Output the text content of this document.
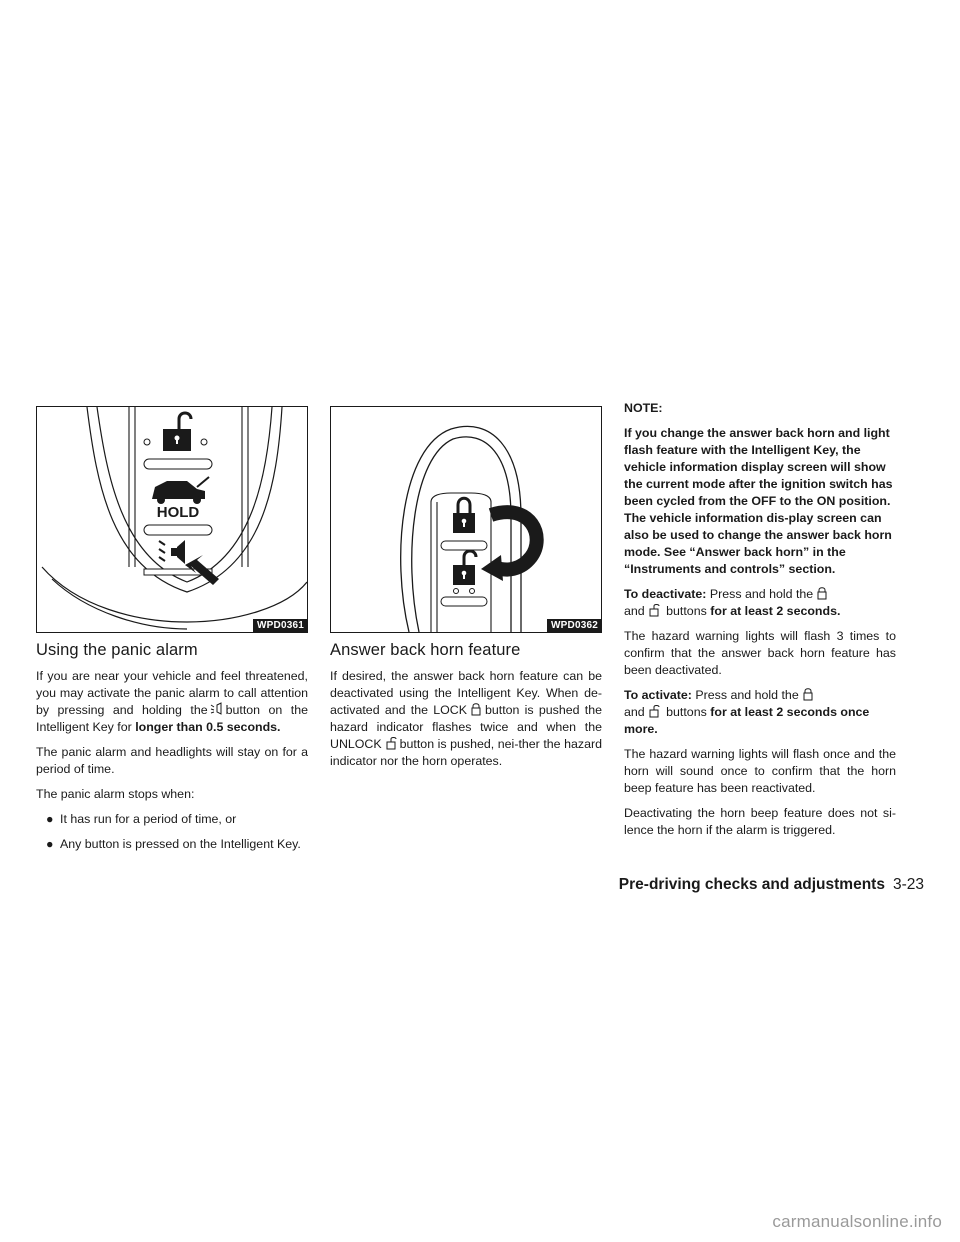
HOLD
WPD0361
Using the panic alarm

If you are near your vehicle and feel threatened, you may activate the panic alarm to call attention by pressing and holding the button on the Intelligent Key for longer than 0.5 seconds.

The panic alarm and headlights will stay on for a period of time.

The panic alarm stops when:

● It has run for a period of time, or
● Any button is pressed on the Intelligent Key.
WPD0362
Answer back horn feature

If desired, the answer back horn feature can be deactivated using the Intelligent Key. When de-activated and the LOCK button is pushed the hazard indicator flashes twice and when the UNLOCK button is pushed, nei-ther the hazard indicator nor the horn operates.

NOTE:

If you change the answer back horn and light flash feature with the Intelligent Key, the vehicle information display screen will show the current mode after the ignition switch has been cycled from the OFF to the ON position. The vehicle information dis-play screen can also be used to change the answer back horn mode. See “Answer back horn” in the “Instruments and controls” section.

To deactivate: Press and hold the
and buttons for at least 2 seconds.

The hazard warning lights will flash 3 times to confirm that the answer back horn feature has been deactivated.

To activate: Press and hold the
and buttons for at least 2 seconds once more.

The hazard warning lights will flash once and the horn will sound once to confirm that the horn beep feature has been reactivated.

Deactivating the horn beep feature does not si-lence the horn if the alarm is triggered.

Pre-driving checks and adjustments 3-23
carmanualsonline.info
